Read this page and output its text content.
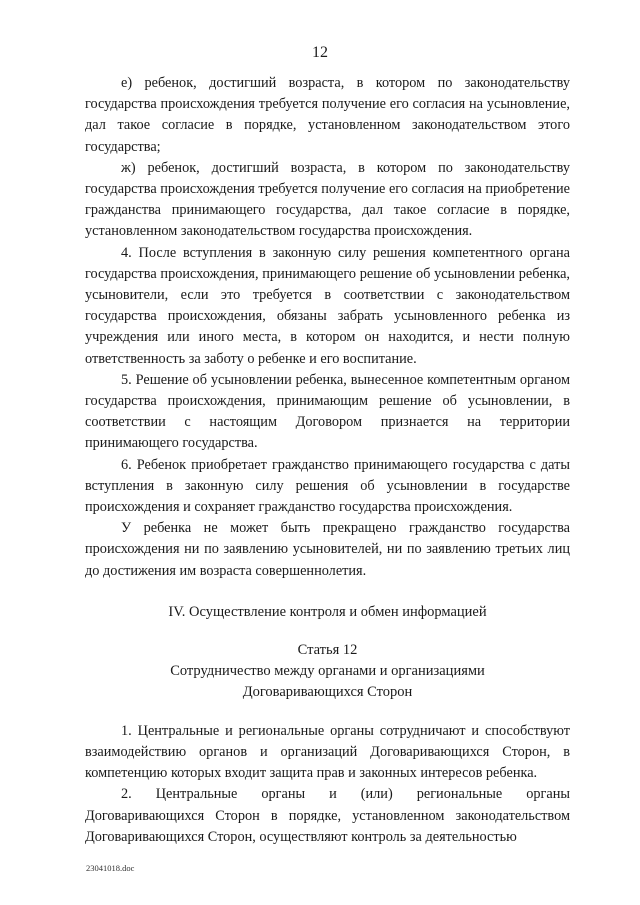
12

е) ребенок, достигший возраста, в котором по законодательству государства происхождения требуется получение его согласия на усыновление, дал такое согласие в порядке, установленном законодательством этого государства;

ж) ребенок, достигший возраста, в котором по законодательству государства происхождения требуется получение его согласия на приобретение гражданства принимающего государства, дал такое согласие в порядке, установленном законодательством государства происхождения.

4. После вступления в законную силу решения компетентного органа государства происхождения, принимающего решение об усыновлении ребенка, усыновители, если это требуется в соответствии с законодательством государства происхождения, обязаны забрать усыновленного ребенка из учреждения или иного места, в котором он находится, и нести полную ответственность за заботу о ребенке и его воспитание.

5. Решение об усыновлении ребенка, вынесенное компетентным органом государства происхождения, принимающим решение об усыновлении, в соответствии с настоящим Договором признается на территории принимающего государства.

6. Ребенок приобретает гражданство принимающего государства с даты вступления в законную силу решения об усыновлении в государстве происхождения и сохраняет гражданство государства происхождения.

У ребенка не может быть прекращено гражданство государства происхождения ни по заявлению усыновителей, ни по заявлению третьих лиц до достижения им возраста совершеннолетия.

IV. Осуществление контроля и обмен информацией
Статья 12
Сотрудничество между органами и организациями
Договаривающихся Сторон

1. Центральные и региональные органы сотрудничают и способствуют взаимодействию органов и организаций Договаривающихся Сторон, в компетенцию которых входит защита прав и законных интересов ребенка.

2. Центральные органы и (или) региональные органы Договаривающихся Сторон в порядке, установленном законодательством Договаривающихся Сторон, осуществляют контроль за деятельностью

23041018.doc
